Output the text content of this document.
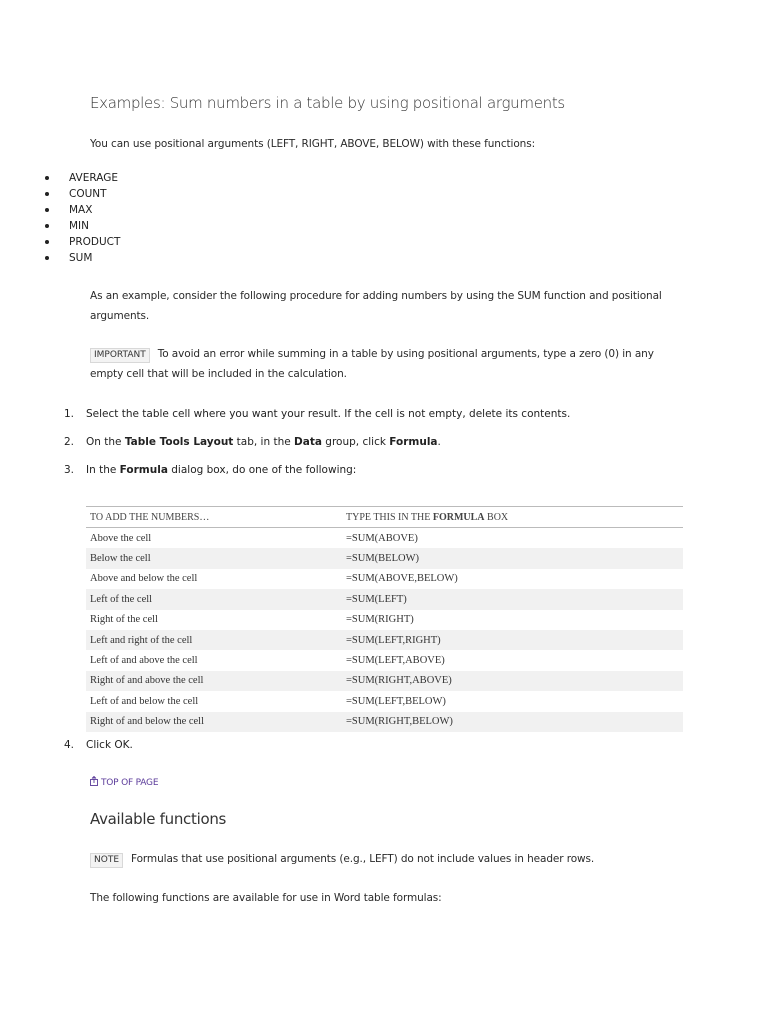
Examples: Sum numbers in a table by using positional arguments
You can use positional arguments (LEFT, RIGHT, ABOVE, BELOW) with these functions:
AVERAGE
COUNT
MAX
MIN
PRODUCT
SUM
As an example, consider the following procedure for adding numbers by using the SUM function and positional arguments.
IMPORTANT To avoid an error while summing in a table by using positional arguments, type a zero (0) in any empty cell that will be included in the calculation.
1. Select the table cell where you want your result. If the cell is not empty, delete its contents.
2. On the Table Tools Layout tab, in the Data group, click Formula.
3. In the Formula dialog box, do one of the following:
TO ADD THE NUMBERS…	TYPE THIS IN THE FORMULA BOX
Above the cell	=SUM(ABOVE)
Below the cell	=SUM(BELOW)
Above and below the cell	=SUM(ABOVE,BELOW)
Left of the cell	=SUM(LEFT)
Right of the cell	=SUM(RIGHT)
Left and right of the cell	=SUM(LEFT,RIGHT)
Left of and above the cell	=SUM(LEFT,ABOVE)
Right of and above the cell	=SUM(RIGHT,ABOVE)
Left of and below the cell	=SUM(LEFT,BELOW)
Right of and below the cell	=SUM(RIGHT,BELOW)
4. Click OK.
TOP OF PAGE
Available functions
NOTE Formulas that use positional arguments (e.g., LEFT) do not include values in header rows.
The following functions are available for use in Word table formulas:
